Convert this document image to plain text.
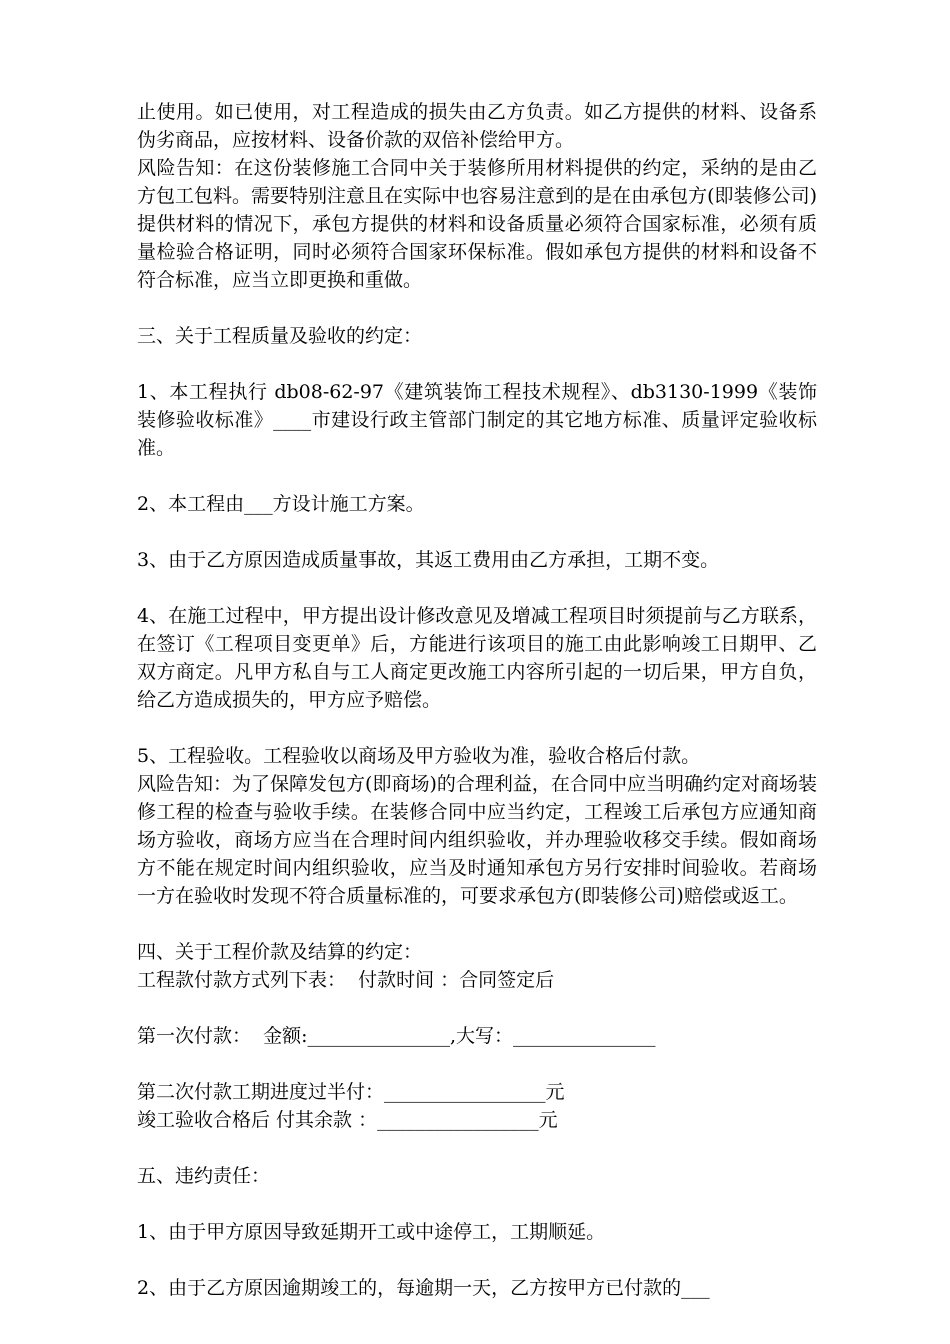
止使用。如已使用，对工程造成的损失由乙方负责。如乙方提供的材料、设备系伪劣商品，应按材料、设备价款的双倍补偿给甲方。

风险告知：在这份装修施工合同中关于装修所用材料提供的约定，采纳的是由乙方包工包料。需要特别注意且在实际中也容易注意到的是在由承包方(即装修公司)提供材料的情况下，承包方提供的材料和设备质量必须符合国家标准，必须有质量检验合格证明，同时必须符合国家环保标准。假如承包方提供的材料和设备不符合标准，应当立即更换和重做。

三、关于工程质量及验收的约定：

1、本工程执行 db08-62-97《建筑装饰工程技术规程》、db3130-1999《装饰装修验收标准》____市建设行政主管部门制定的其它地方标准、质量评定验收标准。

2、本工程由___方设计施工方案。

3、由于乙方原因造成质量事故，其返工费用由乙方承担，工期不变。

4、在施工过程中，甲方提出设计修改意见及增减工程项目时须提前与乙方联系，在签订《工程项目变更单》后，方能进行该项目的施工由此影响竣工日期甲、乙双方商定。凡甲方私自与工人商定更改施工内容所引起的一切后果，甲方自负，给乙方造成损失的，甲方应予赔偿。

5、工程验收。工程验收以商场及甲方验收为准，验收合格后付款。

风险告知：为了保障发包方(即商场)的合理利益，在合同中应当明确约定对商场装修工程的检查与验收手续。在装修合同中应当约定，工程竣工后承包方应通知商场方验收，商场方应当在合理时间内组织验收，并办理验收移交手续。假如商场方不能在规定时间内组织验收，应当及时通知承包方另行安排时间验收。若商场一方在验收时发现不符合质量标准的，可要求承包方(即装修公司)赔偿或返工。

四、关于工程价款及结算的约定：

工程款付款方式列下表：  付款时间 ：合同签定后

第一次付款：  金额:_______________,大写：_______________

第二次付款工期进度过半付：_________________元

竣工验收合格后 付其余款 ：_________________元

五、违约责任：

1、由于甲方原因导致延期开工或中途停工，工期顺延。

2、由于乙方原因逾期竣工的，每逾期一天，乙方按甲方已付款的___
